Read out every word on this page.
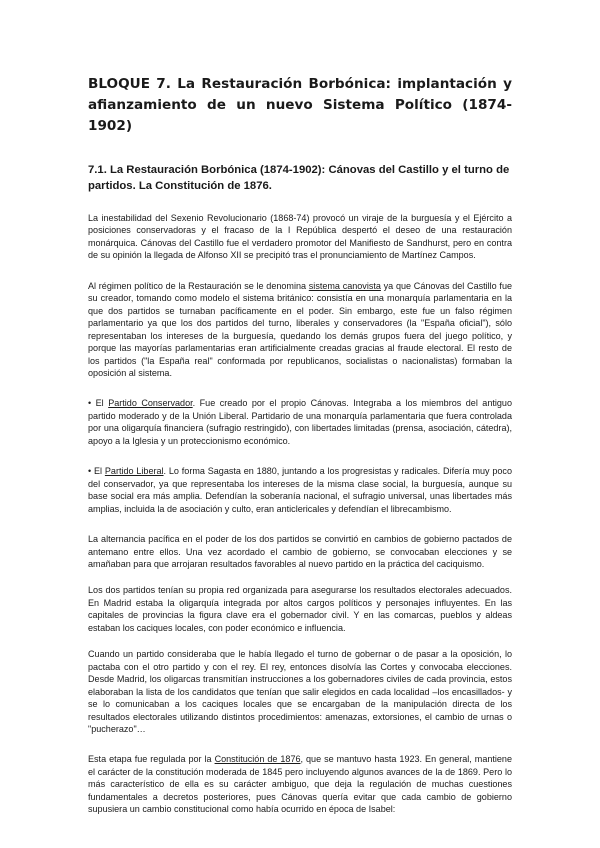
BLOQUE 7. La Restauración Borbónica: implantación y afianzamiento de un nuevo Sistema Político (1874-1902)
7.1. La Restauración Borbónica (1874-1902): Cánovas del Castillo y el turno de partidos. La Constitución de 1876.

La inestabilidad del Sexenio Revolucionario (1868-74) provocó un viraje de la burguesía y el Ejército a posiciones conservadoras y el fracaso de la I República despertó el deseo de una restauración monárquica. Cánovas del Castillo fue el verdadero promotor del Manifiesto de Sandhurst, pero en contra de su opinión la llegada de Alfonso XII se precipitó tras el pronunciamiento de Martínez Campos.

Al régimen político de la Restauración se le denomina sistema canovista ya que Cánovas del Castillo fue su creador, tomando como modelo el sistema británico: consistía en una monarquía parlamentaria en la que dos partidos se turnaban pacíficamente en el poder. Sin embargo, este fue un falso régimen parlamentario ya que los dos partidos del turno, liberales y conservadores (la "España oficial"), sólo representaban los intereses de la burguesía, quedando los demás grupos fuera del juego político, y porque las mayorías parlamentarias eran artificialmente creadas gracias al fraude electoral. El resto de los partidos ("la España real" conformada por republicanos, socialistas o nacionalistas) formaban la oposición al sistema.

• El Partido Conservador. Fue creado por el propio Cánovas. Integraba a los miembros del antiguo partido moderado y de la Unión Liberal. Partidario de una monarquía parlamentaria que fuera controlada por una oligarquía financiera (sufragio restringido), con libertades limitadas (prensa, asociación, cátedra), apoyo a la Iglesia y un proteccionismo económico.

• El Partido Liberal. Lo forma Sagasta en 1880, juntando a los progresistas y radicales. Difería muy poco del conservador, ya que representaba los intereses de la misma clase social, la burguesía, aunque su base social era más amplia. Defendían la soberanía nacional, el sufragio universal, unas libertades más amplias, incluida la de asociación y culto, eran anticlericales y defendían el librecambismo.

La alternancia pacífica en el poder de los dos partidos se convirtió en cambios de gobierno pactados de antemano entre ellos. Una vez acordado el cambio de gobierno, se convocaban elecciones y se amañaban para que arrojaran resultados favorables al nuevo partido en la práctica del caciquismo.

Los dos partidos tenían su propia red organizada para asegurarse los resultados electorales adecuados. En Madrid estaba la oligarquía integrada por altos cargos políticos y personajes influyentes. En las capitales de provincias la figura clave era el gobernador civil. Y en las comarcas, pueblos y aldeas estaban los caciques locales, con poder económico e influencia.

Cuando un partido consideraba que le había llegado el turno de gobernar o de pasar a la oposición, lo pactaba con el otro partido y con el rey. El rey, entonces disolvía las Cortes y convocaba elecciones. Desde Madrid, los oligarcas transmitían instrucciones a los gobernadores civiles de cada provincia, estos elaboraban la lista de los candidatos que tenían que salir elegidos en cada localidad –los encasillados- y se lo comunicaban a los caciques locales que se encargaban de la manipulación directa de los resultados electorales utilizando distintos procedimientos: amenazas, extorsiones, el cambio de urnas o "pucherazo"…

Esta etapa fue regulada por la Constitución de 1876, que se mantuvo hasta 1923. En general, mantiene el carácter de la constitución moderada de 1845 pero incluyendo algunos avances de la de 1869. Pero lo más característico de ella es su carácter ambiguo, que deja la regulación de muchas cuestiones fundamentales a decretos posteriores, pues Cánovas quería evitar que cada cambio de gobierno supusiera un cambio constitucional como había ocurrido en época de Isabel:
